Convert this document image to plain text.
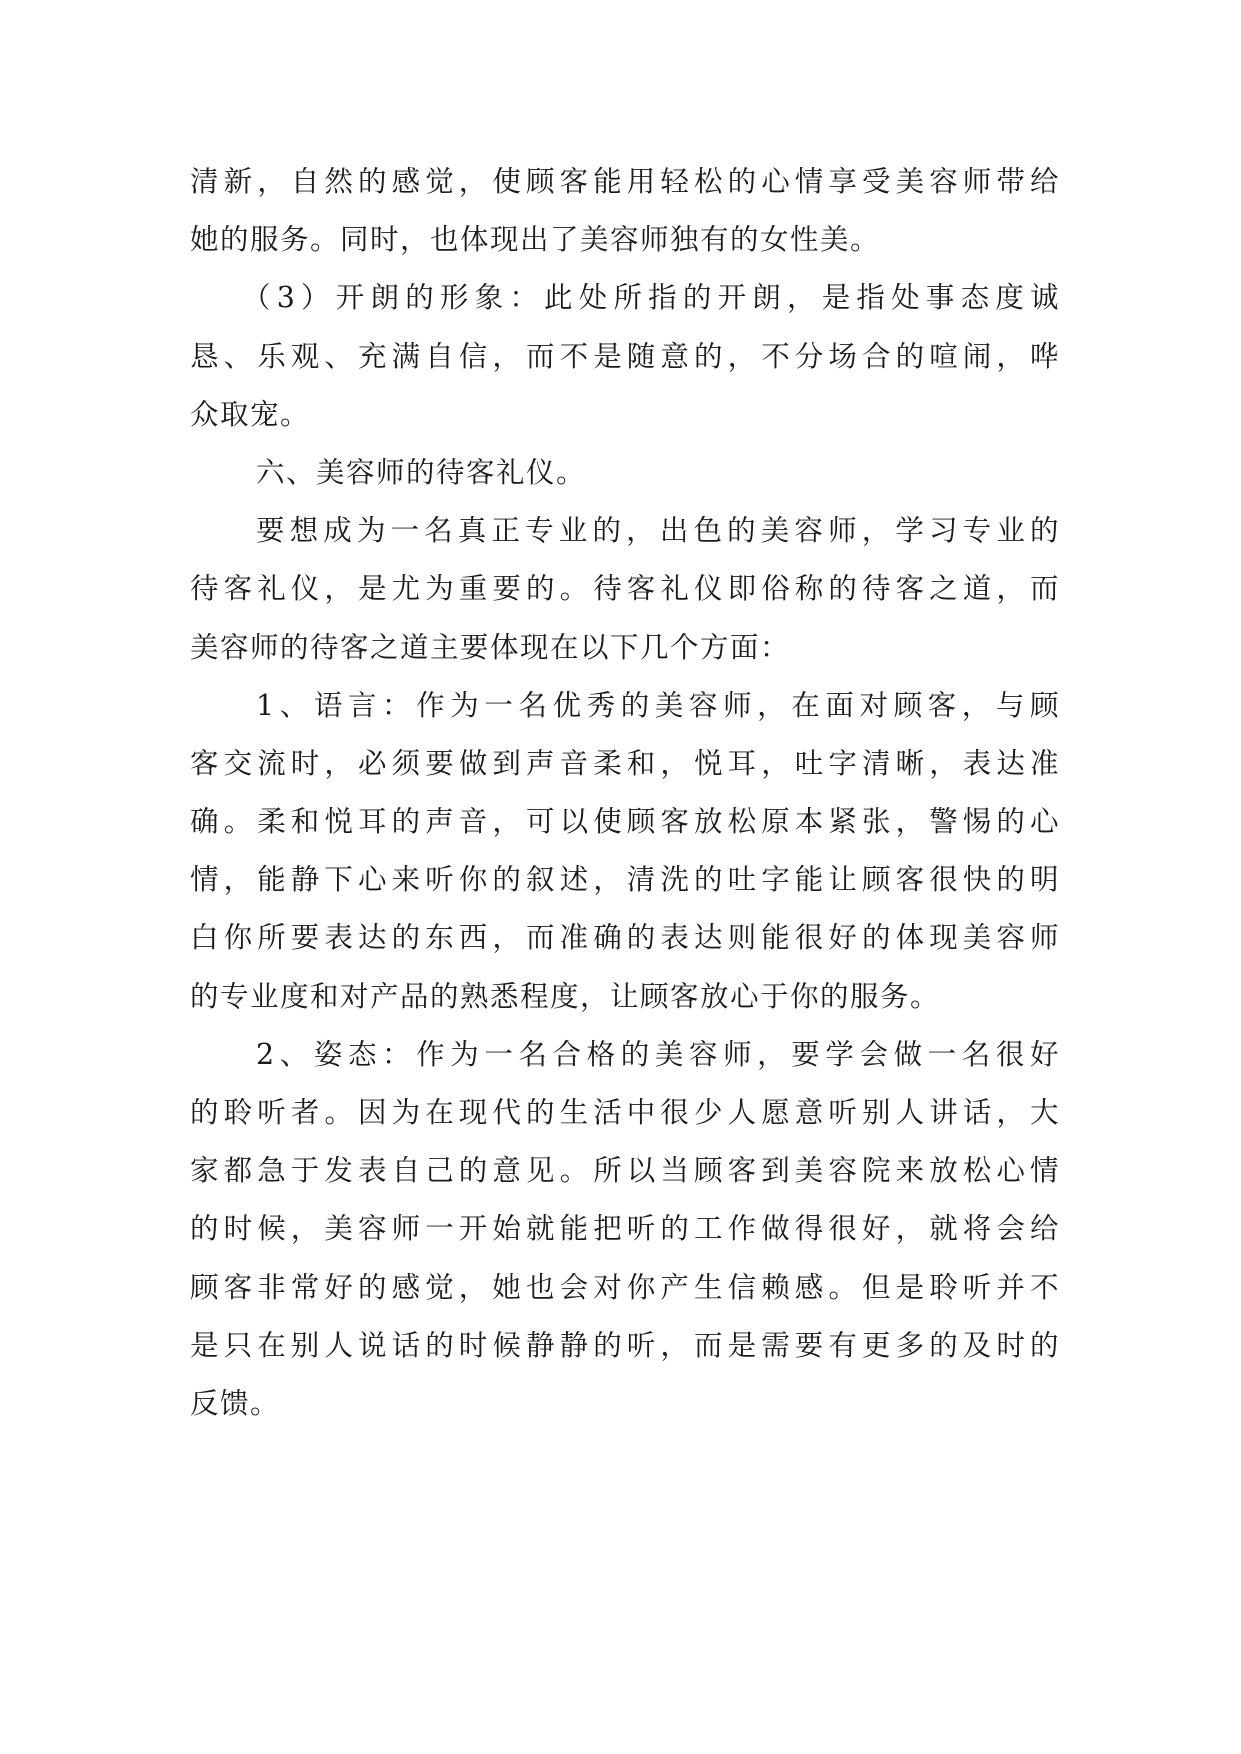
清新，自然的感觉，使顾客能用轻松的心情享受美容师带给
她的服务。同时，也体现出了美容师独有的女性美。
（3）开朗的形象：此处所指的开朗，是指处事态度诚
恳、乐观、充满自信，而不是随意的，不分场合的喧闹，哗
众取宠。
六、美容师的待客礼仪。
要想成为一名真正专业的，出色的美容师，学习专业的
待客礼仪，是尤为重要的。待客礼仪即俗称的待客之道，而
美容师的待客之道主要体现在以下几个方面：
1、语言：作为一名优秀的美容师，在面对顾客，与顾
客交流时，必须要做到声音柔和，悦耳，吐字清晰，表达准
确。柔和悦耳的声音，可以使顾客放松原本紧张，警惕的心
情，能静下心来听你的叙述，清洗的吐字能让顾客很快的明
白你所要表达的东西，而准确的表达则能很好的体现美容师
的专业度和对产品的熟悉程度，让顾客放心于你的服务。
2、姿态：作为一名合格的美容师，要学会做一名很好
的聆听者。因为在现代的生活中很少人愿意听别人讲话，大
家都急于发表自己的意见。所以当顾客到美容院来放松心情
的时候，美容师一开始就能把听的工作做得很好，就将会给
顾客非常好的感觉，她也会对你产生信赖感。但是聆听并不
是只在别人说话的时候静静的听，而是需要有更多的及时的
反馈。
